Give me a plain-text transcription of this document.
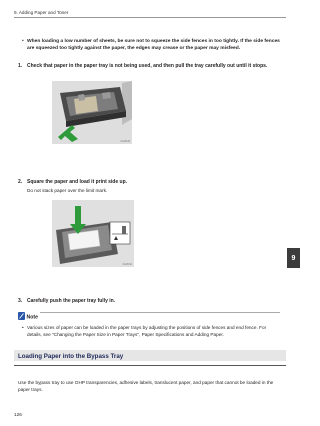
9. Adding Paper and Toner
• When loading a low number of sheets, be sure not to squeeze the side fences in too tightly. If the side fences are squeezed too tightly against the paper, the edges may crease or the paper may misfeed.
1. Check that paper in the paper tray is not being used, and then pull the tray carefully out until it stops.
CHZ043
2. Square the paper and load it print side up.
Do not stack paper over the limit mark.
CHZ044
3. Carefully push the paper tray fully in.
Note
• Various sizes of paper can be loaded in the paper trays by adjusting the positions of side fences and end fence. For details, see "Changing the Paper Size in Paper Trays", Paper Specifications and Adding Paper.
Loading Paper into the Bypass Tray
Use the bypass tray to use OHP transparencies, adhesive labels, translucent paper, and paper that cannot be loaded in the paper trays.
9
126
